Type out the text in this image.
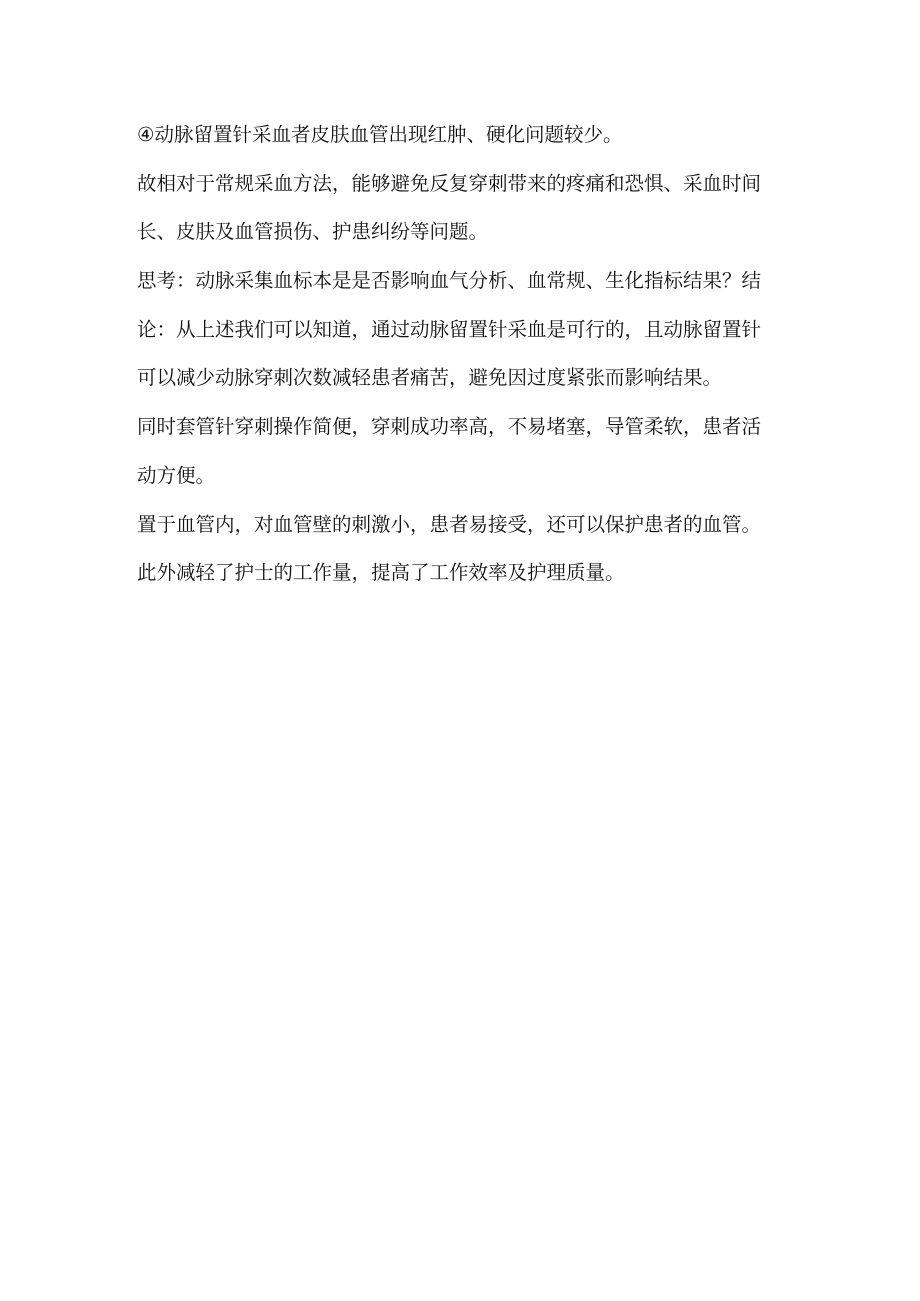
④动脉留置针采血者皮肤血管出现红肿、硬化问题较少。
故相对于常规采血方法，能够避免反复穿刺带来的疼痛和恐惧、采血时间
长、皮肤及血管损伤、护患纠纷等问题。
思考：动脉采集血标本是是否影响血气分析、血常规、生化指标结果？结
论：从上述我们可以知道，通过动脉留置针采血是可行的，且动脉留置针
可以减少动脉穿刺次数减轻患者痛苦，避免因过度紧张而影响结果。
同时套管针穿刺操作简便，穿刺成功率高，不易堵塞，导管柔软，患者活
动方便。
置于血管内，对血管壁的刺激小，患者易接受，还可以保护患者的血管。
此外减轻了护士的工作量，提高了工作效率及护理质量。
